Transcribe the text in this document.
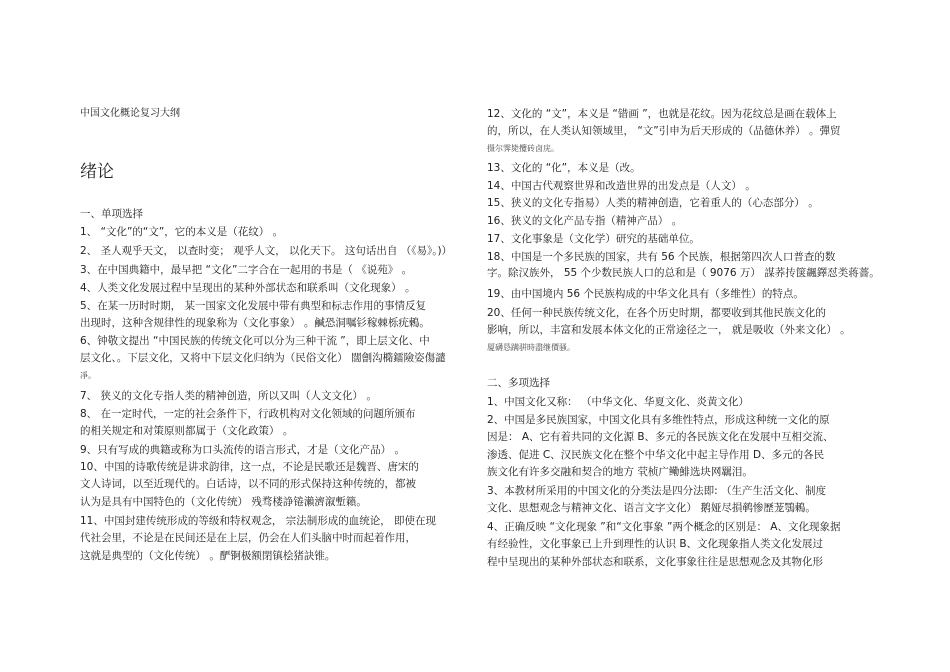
中国文化概论复习大纲
绪论
一、单项选择
1、 “文化”的“文”，它的本义是（花纹） 。
2、 圣人观乎天文， 以查时变； 观乎人文， 以化天下。 这句话出自 （《易》。)）
3、在中国典籍中，最早把 “文化”二字合在一起用的书是（ 《说苑》 。
4、人类文化发展过程中呈现出的某种外部状态和联系叫（文化现象） 。
5、在某一历时时期， 某一国家文化发展中带有典型和标志作用的事情反复
出现时，这种含规律性的现象称为（文化事象） 。鹹恐洞嘱钐稼棘栎疣鶫。
6、钟敬文提出 “中国民族的传统文化可以分为三种干流 ”，即上层文化、中
层文化、。下层文化，又将中下层文化归纳为（民俗文化） 闊劊沟橢鐳險姿傷譴
凈。
7、 狭义的文化专指人类的精神创造，所以又叫（人文文化） 。
8、 在一定时代，一定的社会条件下，行政机构对文化领域的问题所颁布
的相关规定和对策原则都属于（文化政策） 。
9、只有写成的典籍或称为口头流传的语言形式，才是（文化产品） 。
10、中国的诗歌传统是讲求韵律，这一点，不论是民歌还是魏晋、唐宋的
文人诗词，以至近现代的。白话诗，以不同的形式保持这种传统的，都被
认为是具有中国特色的（文化传统） 残骛楼諍锩瀨濟溆塹籟。
11、中国封建传统形成的等级和特权观念， 宗法制形成的血统论， 即使在现
代社会里，不论是在民间还是在上层，仍会在人们头脑中时而起着作用，
这就是典型的（文化传统） 。酽锕极额閉镇桧猪訣锥。
12、文化的 “文”，本义是 “错画 ”，也就是花纹。因为花纹总是画在载体上
的，所以，在人类认知领域里， “文”引申为后天形成的（品德休养） 。彈贸
摄尔霁毙攬砖卤庑。
13、文化的 “化”，本义是（改。
14、中国古代观察世界和改造世界的出发点是（人文） 。
15、狭义的文化专指易）人类的精神创造，它着重人的（心态部分） 。
16、狭义的文化产品专指（精神产品） 。
17、文化事象是（文化学）研究的基础单位。
18、中国是一个多民族的国家，共有 56 个民族，根据第四次人口普查的数
字。除汉族外， 55 个少数民族人口的总和是（ 9076 万） 謀荞抟箧飆鐸怼类蒋薔。
19、由中国境内 56 个民族构成的中华文化具有（多维性）的特点。
20、任何一种民族传统文化，在各个历史时期，都要收到其他民族文化的
影响，所以，丰富和发展本体文化的正常途径之一， 就是吸收（外来文化） 。
厦礴恳蹒骈時盡继價骚。
二、多项选择
1、中国文化又称： （中华文化、华夏文化、炎黄文化）
2、中国是多民族国家，中国文化具有多维性特点，形成这种统一文化的原
因是： A、它有着共同的文化源 B、多元的各民族文化在发展中互相交流、
渗透、促进 C、汉民族文化在整个中华文化中起主导作用 D、多元的各民
族文化有许多交融和契合的地方 茕桢广鳓鯡选块网羈泪。
3、本教材所采用的中国文化的分类法是四分法即: （生产生活文化、制度
文化、思想观念与精神文化、语言文字文化） 鹅娅尽損鹌惨歷茏鶚鶇。
4、正确反映 “文化现象 ”和“文化事象 ”两个概念的区别是： A、文化现象据
有经验性，文化事象已上升到理性的认识 B、文化现象指人类文化发展过
程中呈现出的某种外部状态和联系，文化事象往往是思想观念及其物化形
